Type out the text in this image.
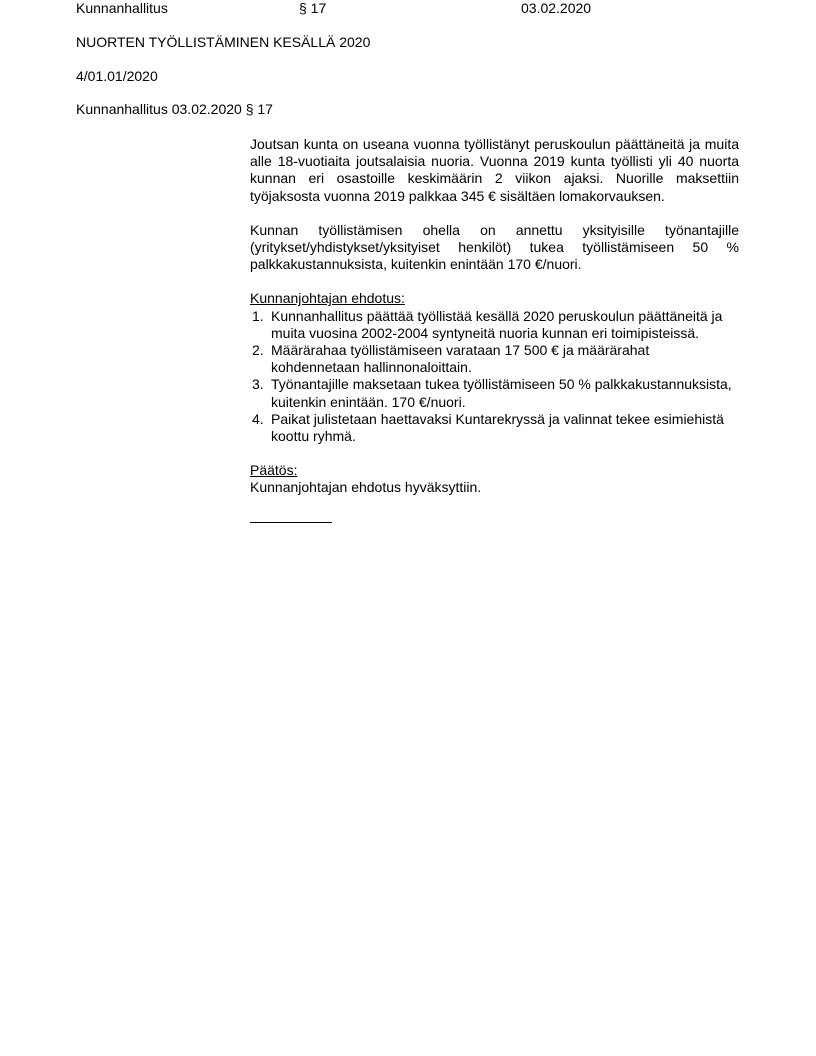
Kunnanhallitus	§ 17	03.02.2020
NUORTEN TYÖLLISTÄMINEN KESÄLLÄ 2020
4/01.01/2020
Kunnanhallitus 03.02.2020 § 17

Joutsan kunta on useana vuonna työllistänyt peruskoulun päättäneitä ja muita alle 18-vuotiaita joutsalaisia nuoria. Vuonna 2019 kunta työllisti yli 40 nuorta kunnan eri osastoille keskimäärin 2 viikon ajaksi. Nuorille maksettiin työjaksosta vuonna 2019 palkkaa 345 € sisältäen lomakorvauksen.

Kunnan työllistämisen ohella on annettu yksityisille työnantajille (yritykset/yhdistykset/yksityiset henkilöt) tukea työllistämiseen 50 % palkkakustannuksista, kuitenkin enintään 170 €/nuori.

Kunnanjohtajan ehdotus:

1. Kunnanhallitus päättää työllistää kesällä 2020 peruskoulun päättäneitä ja muita vuosina 2002-2004 syntyneitä nuoria kunnan eri toimipisteissä.
2. Määrärahaa työllistämiseen varataan 17 500 € ja määrärahat kohdennetaan hallinnonaloittain.
3. Työnantajille maksetaan tukea työllistämiseen 50 % palkkakustannuksista, kuitenkin enintään. 170 €/nuori.
4. Paikat julistetaan haettavaksi Kuntarekryssä ja valinnat tekee esimiehistä koottu ryhmä.

Päätös:

Kunnanjohtajan ehdotus hyväksyttiin.
